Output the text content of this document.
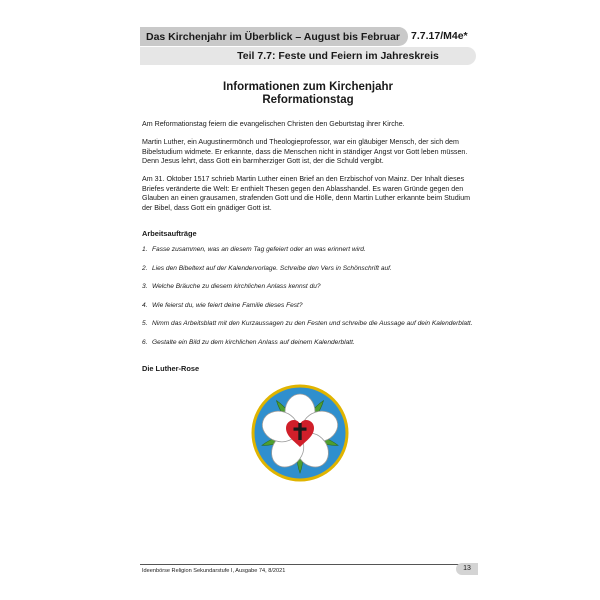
Das Kirchenjahr im Überblick – August bis Februar 7.7.17/M4e*
Teil 7.7: Feste und Feiern im Jahreskreis
Informationen zum Kirchenjahr
Reformationstag

Am Reformationstag feiern die evangelischen Christen den Geburtstag ihrer Kirche.

Martin Luther, ein Augustinermönch und Theologieprofessor, war ein gläubiger Mensch, der sich dem Bibelstudium widmete. Er erkannte, dass die Menschen nicht in ständiger Angst vor Gott leben müssen. Denn Jesus lehrt, dass Gott ein barmherziger Gott ist, der die Schuld vergibt.

Am 31. Oktober 1517 schrieb Martin Luther einen Brief an den Erzbischof von Mainz. Der Inhalt dieses Briefes veränderte die Welt: Er enthielt Thesen gegen den Ablasshandel. Es waren Gründe gegen den Glauben an einen grausamen, strafenden Gott und die Hölle, denn Martin Luther erkannte beim Studium der Bibel, dass Gott ein gnädiger Gott ist.

Arbeitsaufträge

1. Fasse zusammen, was an diesem Tag gefeiert oder an was erinnert wird.
2. Lies den Bibeltext auf der Kalendervorlage. Schreibe den Vers in Schönschrift auf.
3. Welche Bräuche zu diesem kirchlichen Anlass kennst du?
4. Wie feierst du, wie feiert deine Familie dieses Fest?
5. Nimm das Arbeitsblatt mit den Kurzaussagen zu den Festen und schreibe die Aussage auf dein Kalenderblatt.
6. Gestalte ein Bild zu dem kirchlichen Anlass auf deinem Kalenderblatt.

Die Luther-Rose

Ideenbörse Religion Sekundarstufe I, Ausgabe 74, 8/2021	13
